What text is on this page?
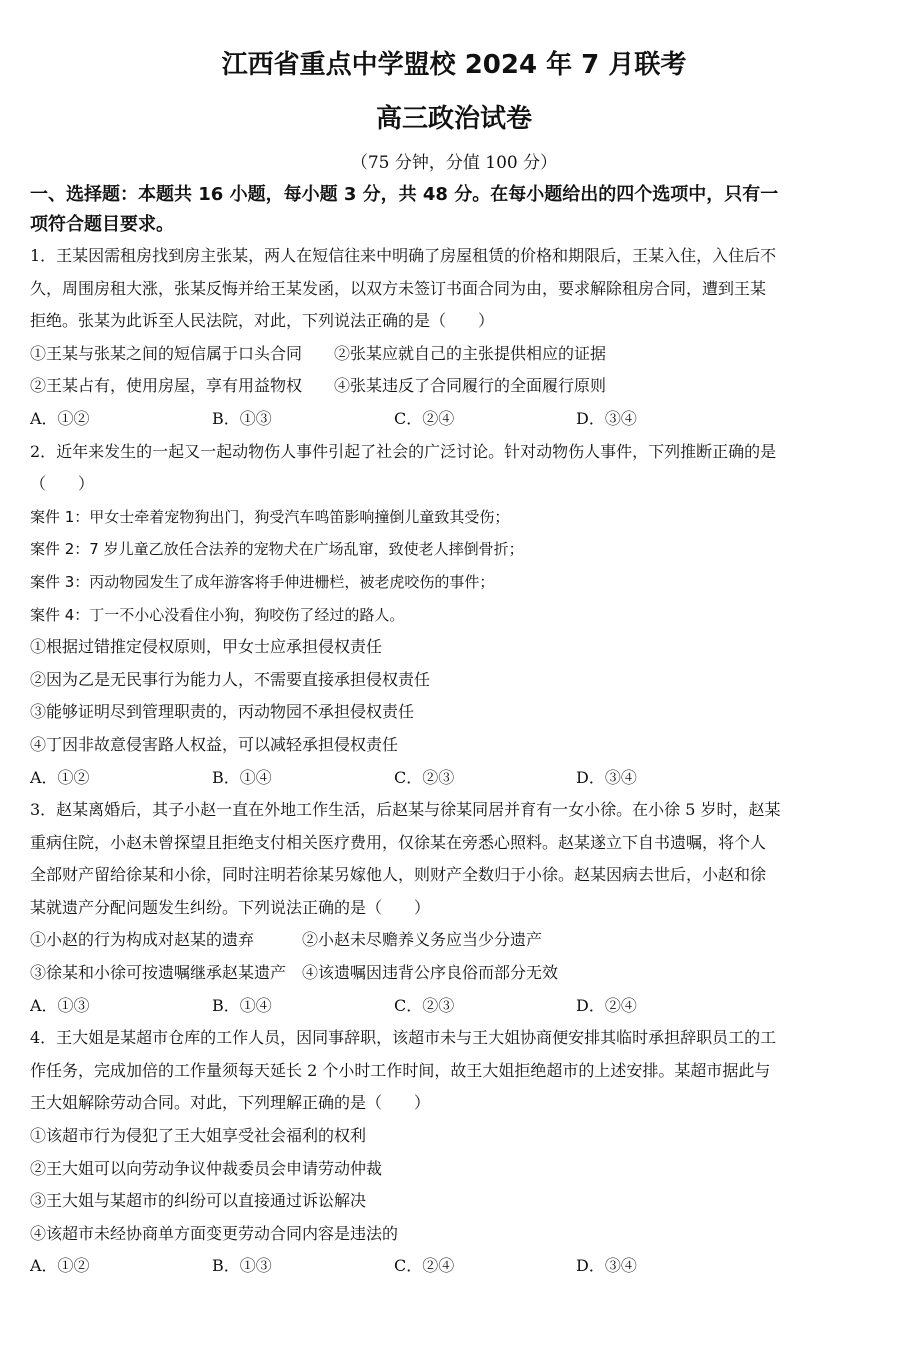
江西省重点中学盟校 2024 年 7 月联考
高三政治试卷
（75 分钟，分值 100 分）
一、选择题：本题共 16 小题，每小题 3 分，共 48 分。在每小题给出的四个选项中，只有一
项符合题目要求。
1．王某因需租房找到房主张某，两人在短信往来中明确了房屋租赁的价格和期限后，王某入住，入住后不
久，周围房租大涨，张某反悔并给王某发函，以双方未签订书面合同为由，要求解除租房合同，遭到王某
拒绝。张某为此诉至人民法院，对此，下列说法正确的是（　　）
①王某与张某之间的短信属于口头合同　　②张某应就自己的主张提供相应的证据
②王某占有，使用房屋，享有用益物权　　④张某违反了合同履行的全面履行原则
A．①②	B．①③	C．②④	D．③④
2．近年来发生的一起又一起动物伤人事件引起了社会的广泛讨论。针对动物伤人事件，下列推断正确的是
（　　）
案件 1：甲女士牵着宠物狗出门，狗受汽车鸣笛影响撞倒儿童致其受伤；
案件 2：7 岁儿童乙放任合法养的宠物犬在广场乱窜，致使老人摔倒骨折；
案件 3：丙动物园发生了成年游客将手伸进栅栏，被老虎咬伤的事件；
案件 4：丁一不小心没看住小狗，狗咬伤了经过的路人。
①根据过错推定侵权原则，甲女士应承担侵权责任
②因为乙是无民事行为能力人，不需要直接承担侵权责任
③能够证明尽到管理职责的，丙动物园不承担侵权责任
④丁因非故意侵害路人权益，可以减轻承担侵权责任
A．①②	B．①④	C．②③	D．③④
3．赵某离婚后，其子小赵一直在外地工作生活，后赵某与徐某同居并育有一女小徐。在小徐 5 岁时，赵某
重病住院，小赵未曾探望且拒绝支付相关医疗费用，仅徐某在旁悉心照料。赵某遂立下自书遗嘱，将个人
全部财产留给徐某和小徐，同时注明若徐某另嫁他人，则财产全数归于小徐。赵某因病去世后，小赵和徐
某就遗产分配问题发生纠纷。下列说法正确的是（　　）
①小赵的行为构成对赵某的遗弃　　　②小赵未尽赡养义务应当少分遗产
③徐某和小徐可按遗嘱继承赵某遗产　④该遗嘱因违背公序良俗而部分无效
A．①③	B．①④	C．②③	D．②④
4．王大姐是某超市仓库的工作人员，因同事辞职，该超市未与王大姐协商便安排其临时承担辞职员工的工
作任务，完成加倍的工作量须每天延长 2 个小时工作时间，故王大姐拒绝超市的上述安排。某超市据此与
王大姐解除劳动合同。对此，下列理解正确的是（　　）
①该超市行为侵犯了王大姐享受社会福利的权利
②王大姐可以向劳动争议仲裁委员会申请劳动仲裁
③王大姐与某超市的纠纷可以直接通过诉讼解决
④该超市未经协商单方面变更劳动合同内容是违法的
A．①②	B．①③	C．②④	D．③④
